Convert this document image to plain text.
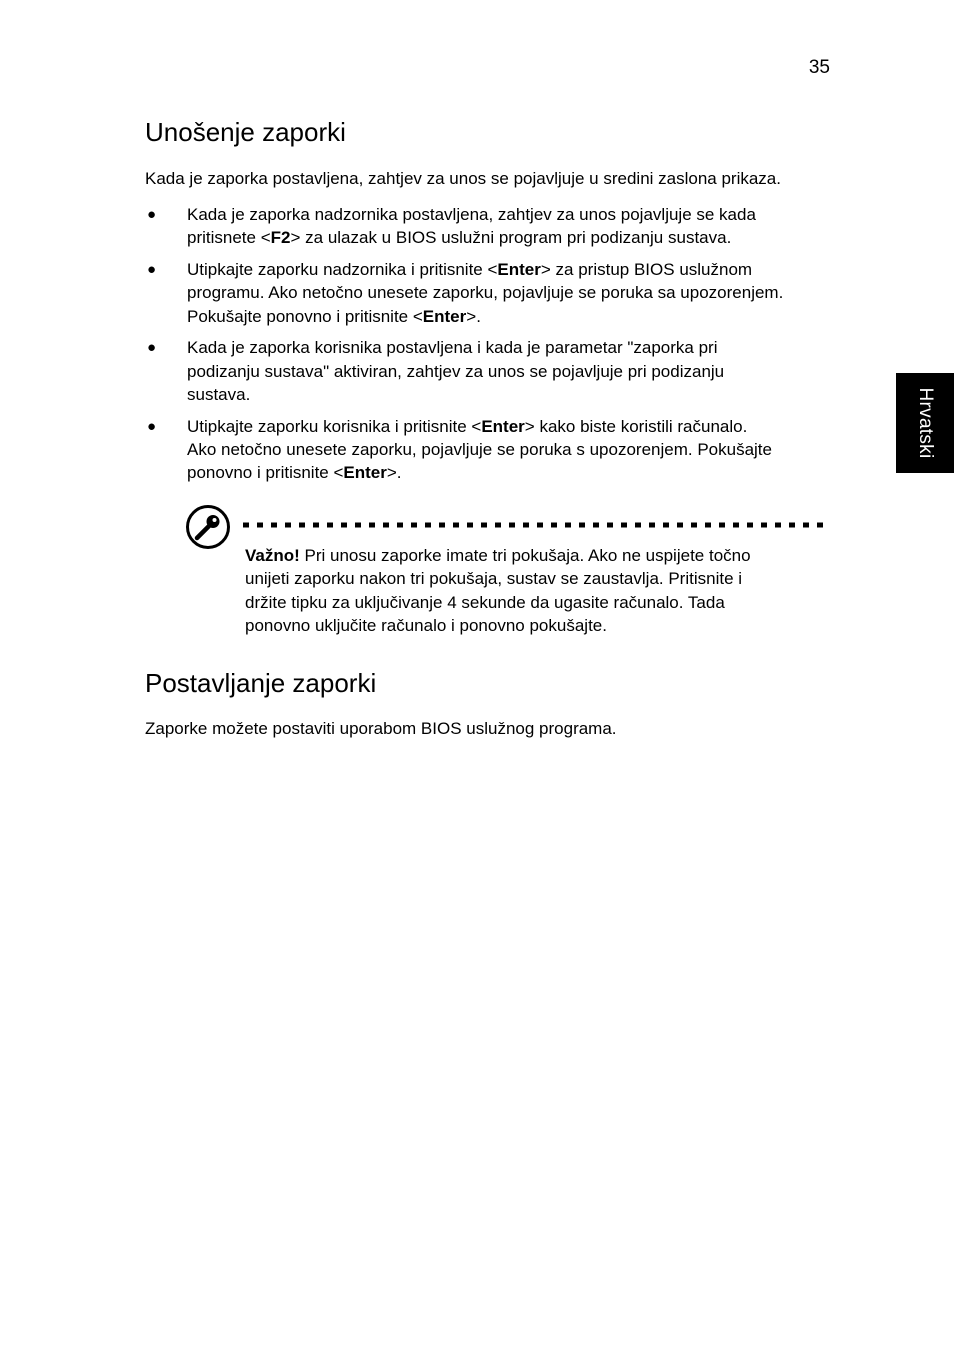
35
Hrvatski
Unošenje zaporki

Kada je zaporka postavljena, zahtjev za unos se pojavljuje u sredini zaslona prikaza.

● Kada je zaporka nadzornika postavljena, zahtjev za unos pojavljuje se kada
pritisnete <F2> za ulazak u BIOS uslužni program pri podizanju sustava.
● Utipkajte zaporku nadzornika i pritisnite <Enter> za pristup BIOS uslužnom
programu. Ako netočno unesete zaporku, pojavljuje se poruka sa upozorenjem.
Pokušajte ponovno i pritisnite <Enter>.
● Kada je zaporka korisnika postavljena i kada je parametar "zaporka pri
podizanju sustava" aktiviran, zahtjev za unos se pojavljuje pri podizanju
sustava.
● Utipkajte zaporku korisnika i pritisnite <Enter> kako biste koristili računalo.
Ako netočno unesete zaporku, pojavljuje se poruka s upozorenjem. Pokušajte
ponovno i pritisnite <Enter>.
Važno! Pri unosu zaporke imate tri pokušaja. Ako ne uspijete točno
unijeti zaporku nakon tri pokušaja, sustav se zaustavlja. Pritisnite i
držite tipku za uključivanje 4 sekunde da ugasite računalo. Tada
ponovno uključite računalo i ponovno pokušajte.
Postavljanje zaporki

Zaporke možete postaviti uporabom BIOS uslužnog programa.
